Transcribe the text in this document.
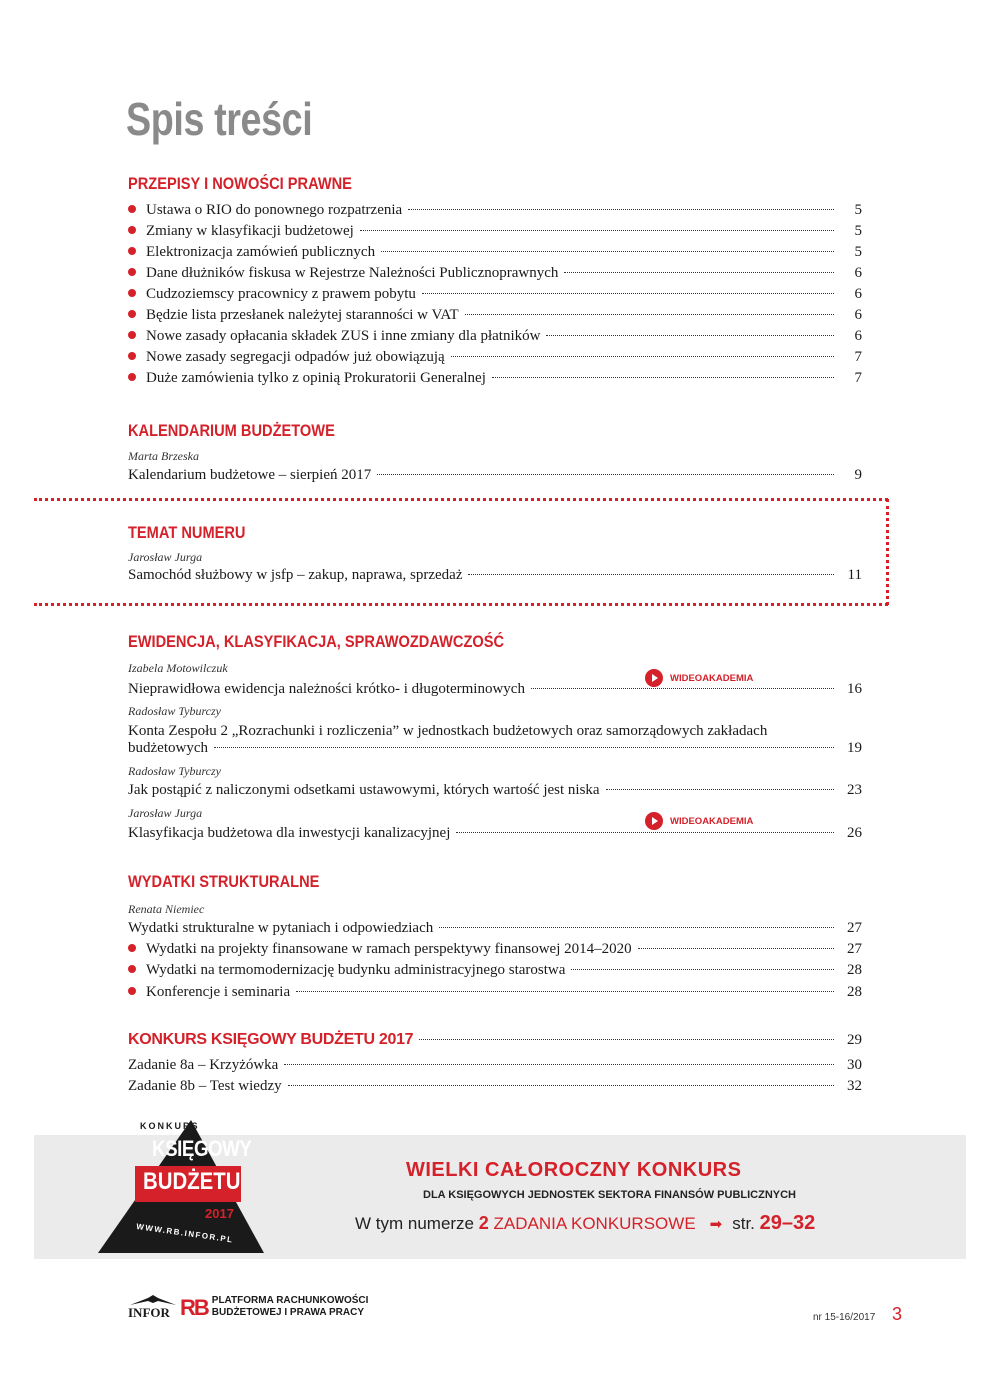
Spis treści
PRZEPISY I NOWOŚCI PRAWNE
Ustawa o RIO do ponownego rozpatrzenia	5
Zmiany w klasyfikacji budżetowej	5
Elektronizacja zamówień publicznych	5
Dane dłużników fiskusa w Rejestrze Należności Publicznoprawnych	6
Cudzoziemscy pracownicy z prawem pobytu	6
Będzie lista przesłanek należytej staranności w VAT	6
Nowe zasady opłacania składek ZUS i inne zmiany dla płatników	6
Nowe zasady segregacji odpadów już obowiązują	7
Duże zamówienia tylko z opinią Prokuratorii Generalnej	7
KALENDARIUM BUDŻETOWE
Marta Brzeska
Kalendarium budżetowe – sierpień 2017	9
TEMAT NUMERU
Jarosław Jurga
Samochód służbowy w jsfp – zakup, naprawa, sprzedaż	11
EWIDENCJA, KLASYFIKACJA, SPRAWOZDAWCZOŚĆ
Izabela Motowilczuk
WIDEOAKADEMIA
Nieprawidłowa ewidencja należności krótko- i długoterminowych	16
Radosław Tyburczy
Konta Zespołu 2 „Rozrachunki i rozliczenia” w jednostkach budżetowych oraz samorządowych zakładach
budżetowych	19
Radosław Tyburczy
Jak postąpić z naliczonymi odsetkami ustawowymi, których wartość jest niska	23
Jarosław Jurga
WIDEOAKADEMIA
Klasyfikacja budżetowa dla inwestycji kanalizacyjnej	26
WYDATKI STRUKTURALNE
Renata Niemiec
Wydatki strukturalne w pytaniach i odpowiedziach	27
Wydatki na projekty finansowane w ramach perspektywy finansowej 2014–2020	27
Wydatki na termomodernizację budynku administracyjnego starostwa	28
Konferencje i seminaria	28
KONKURS KSIĘGOWY BUDŻETU 2017	29
Zadanie 8a – Krzyżówka	30
Zadanie 8b – Test wiedzy	32
KONKURS
KSIĘGOWY
BUDŻETU
2017
WWW.RB.INFOR.PL
WIELKI CAŁOROCZNY KONKURS
DLA KSIĘGOWYCH JEDNOSTEK SEKTORA FINANSÓW PUBLICZNYCH
W tym numerze
2
ZADANIA KONKURSOWE ➡ str.
29–32
INFOR RB PLATFORMA RACHUNKOWOŚCI
BUDŻETOWEJ I PRAWA PRACY	nr 15-16/2017 3
